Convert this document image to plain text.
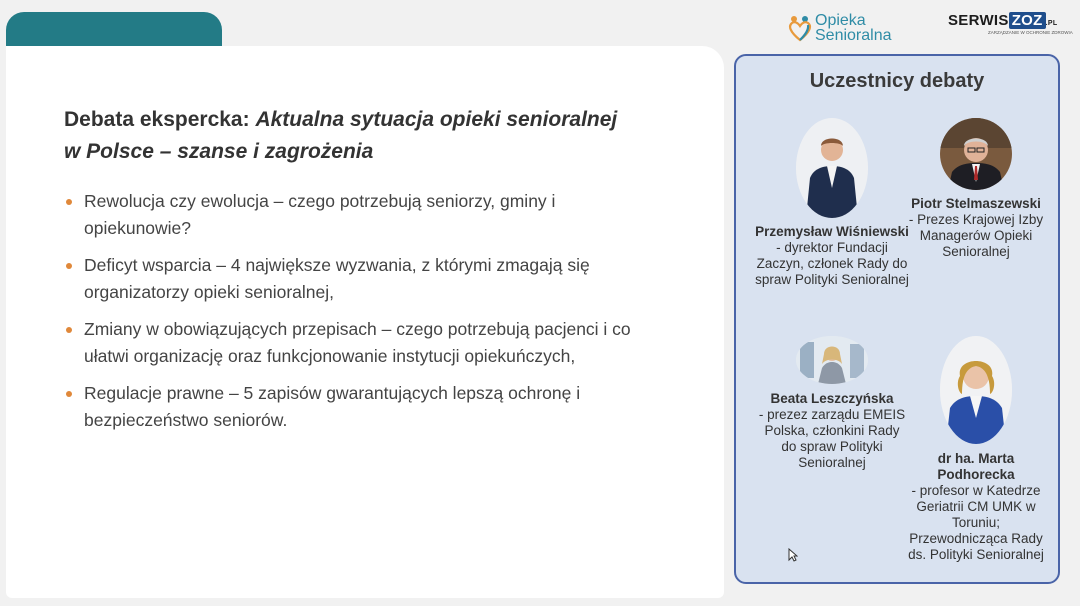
Debata ekspercka: Aktualna sytuacja opieki senioralnej w Polsce – szanse i zagrożenia
Rewolucja czy ewolucja – czego potrzebują seniorzy, gminy i opiekunowie?
Deficyt wsparcia – 4 największe wyzwania, z którymi zmagają się organizatorzy opieki senioralnej,
Zmiany w obowiązujących przepisach – czego potrzebują pacjenci i co ułatwi organizację oraz funkcjonowanie instytucji opiekuńczych,
Regulacje prawne – 5 zapisów gwarantujących lepszą ochronę i bezpieczeństwo seniorów.
Opieka
Senioralna
SERWIS ZOZ .PL
ZARZĄDZANIE W OCHRONIE ZDROWIA
Uczestnicy debaty
Przemysław Wiśniewski
- dyrektor Fundacji Zaczyn, członek Rady do spraw Polityki Senioralnej
Piotr Stelmaszewski
- Prezes Krajowej Izby Managerów Opieki Senioralnej
Beata Leszczyńska
- prezez zarządu EMEIS Polska, członkini Rady do spraw Polityki Senioralnej	dr ha. Marta Podhorecka
- profesor w Katedrze Geriatrii CM UMK w Toruniu; Przewodnicząca Rady ds. Polityki Senioralnej
